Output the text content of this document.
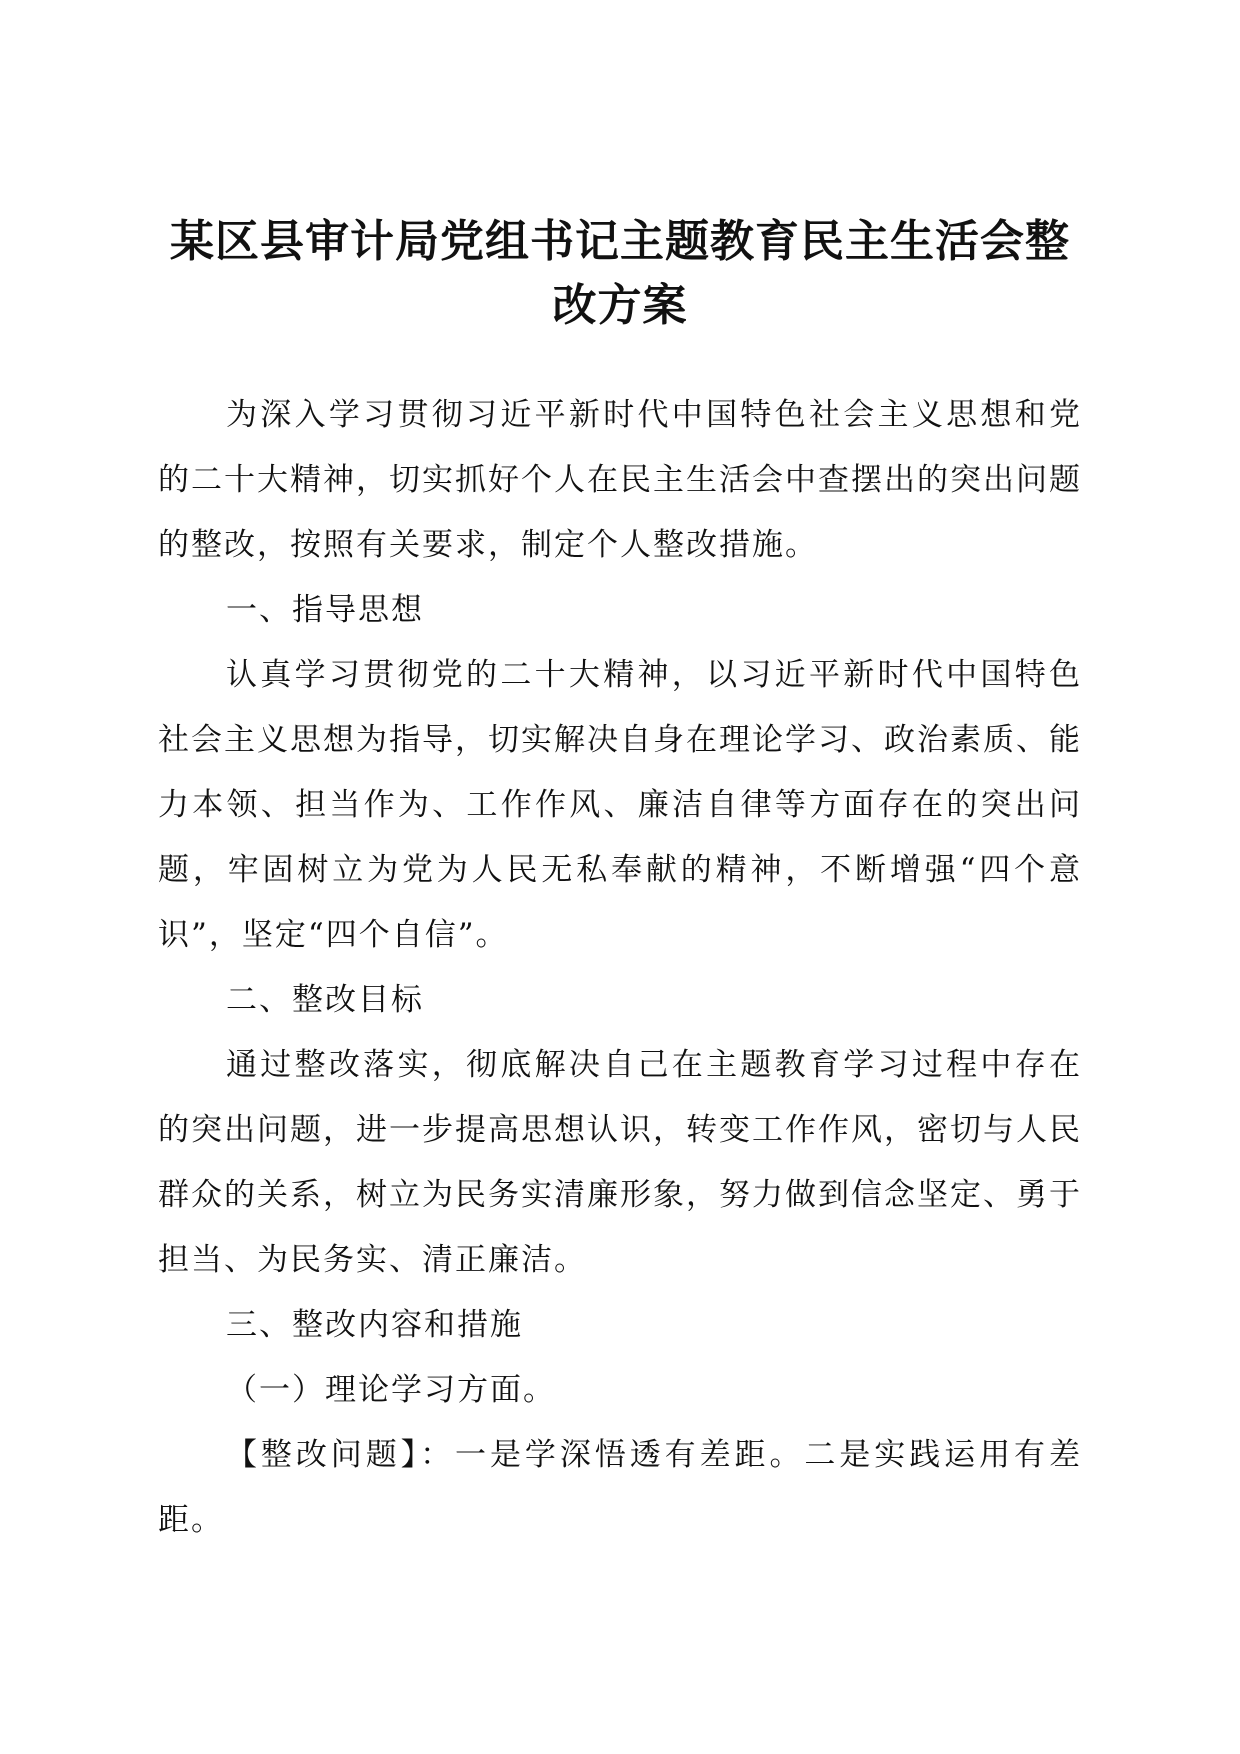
某区县审计局党组书记主题教育民主生活会整改方案

为深入学习贯彻习近平新时代中国特色社会主义思想和党的二十大精神，切实抓好个人在民主生活会中查摆出的突出问题的整改，按照有关要求，制定个人整改措施。

一、指导思想

认真学习贯彻党的二十大精神，以习近平新时代中国特色社会主义思想为指导，切实解决自身在理论学习、政治素质、能力本领、担当作为、工作作风、廉洁自律等方面存在的突出问题，牢固树立为党为人民无私奉献的精神，不断增强“四个意识”，坚定“四个自信”。

二、整改目标

通过整改落实，彻底解决自己在主题教育学习过程中存在的突出问题，进一步提高思想认识，转变工作作风，密切与人民群众的关系，树立为民务实清廉形象，努力做到信念坚定、勇于担当、为民务实、清正廉洁。

三、整改内容和措施

（一）理论学习方面。

【整改问题】：一是学深悟透有差距。二是实践运用有差距。
